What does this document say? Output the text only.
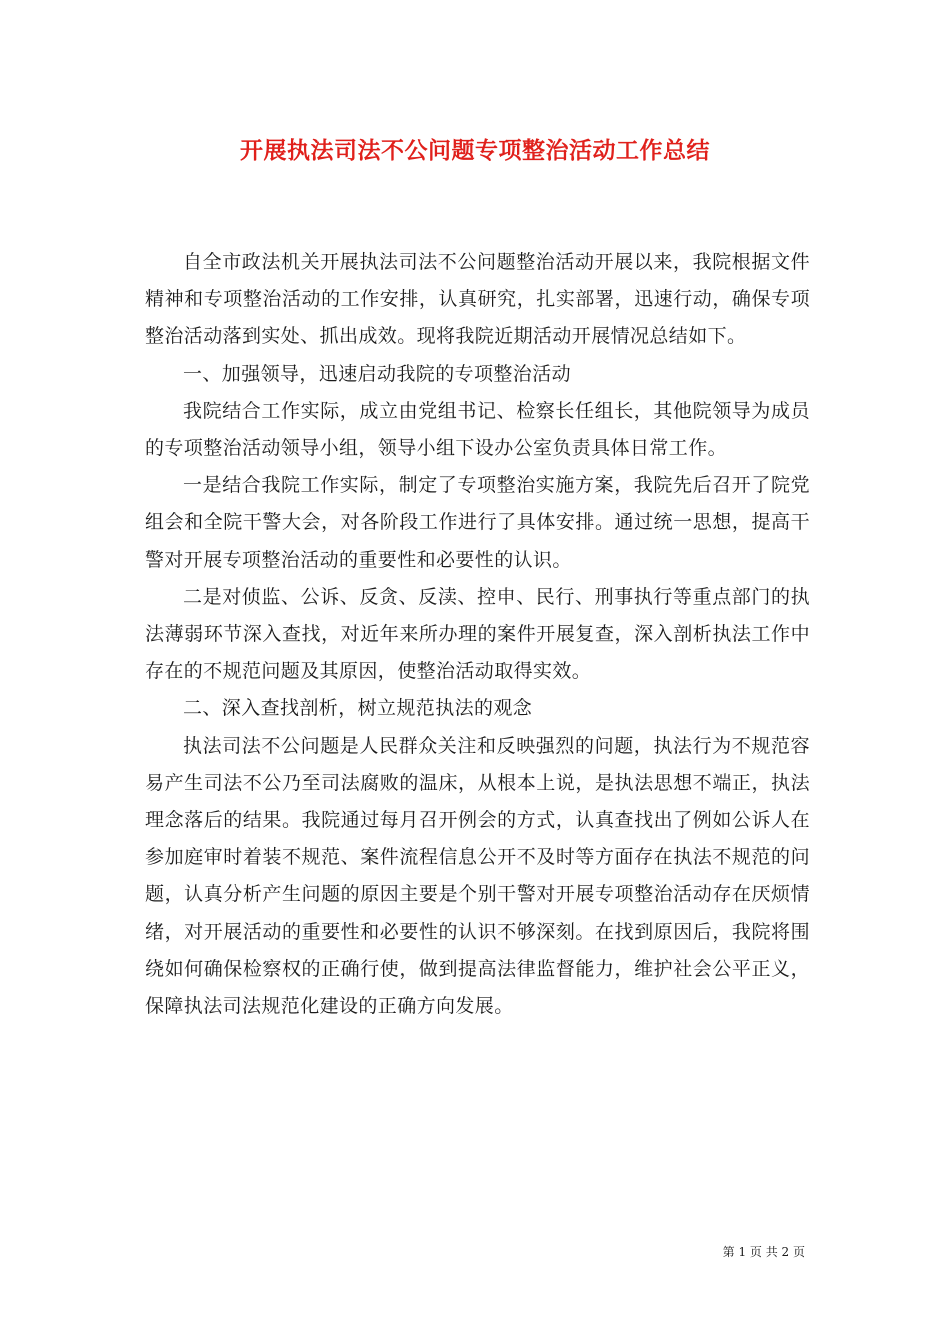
开展执法司法不公问题专项整治活动工作总结

自全市政法机关开展执法司法不公问题整治活动开展以来，我院根据文件精神和专项整治活动的工作安排，认真研究，扎实部署，迅速行动，确保专项整治活动落到实处、抓出成效。现将我院近期活动开展情况总结如下。

一、加强领导，迅速启动我院的专项整治活动

我院结合工作实际，成立由党组书记、检察长任组长，其他院领导为成员的专项整治活动领导小组，领导小组下设办公室负责具体日常工作。

一是结合我院工作实际，制定了专项整治实施方案，我院先后召开了院党组会和全院干警大会，对各阶段工作进行了具体安排。通过统一思想，提高干警对开展专项整治活动的重要性和必要性的认识。

二是对侦监、公诉、反贪、反渎、控申、民行、刑事执行等重点部门的执法薄弱环节深入查找，对近年来所办理的案件开展复查，深入剖析执法工作中存在的不规范问题及其原因，使整治活动取得实效。

二、深入查找剖析，树立规范执法的观念

执法司法不公问题是人民群众关注和反映强烈的问题，执法行为不规范容易产生司法不公乃至司法腐败的温床，从根本上说，是执法思想不端正，执法理念落后的结果。我院通过每月召开例会的方式，认真查找出了例如公诉人在参加庭审时着装不规范、案件流程信息公开不及时等方面存在执法不规范的问题，认真分析产生问题的原因主要是个别干警对开展专项整治活动存在厌烦情绪，对开展活动的重要性和必要性的认识不够深刻。在找到原因后，我院将围绕如何确保检察权的正确行使，做到提高法律监督能力，维护社会公平正义，保障执法司法规范化建设的正确方向发展。

第 1 页 共 2 页
